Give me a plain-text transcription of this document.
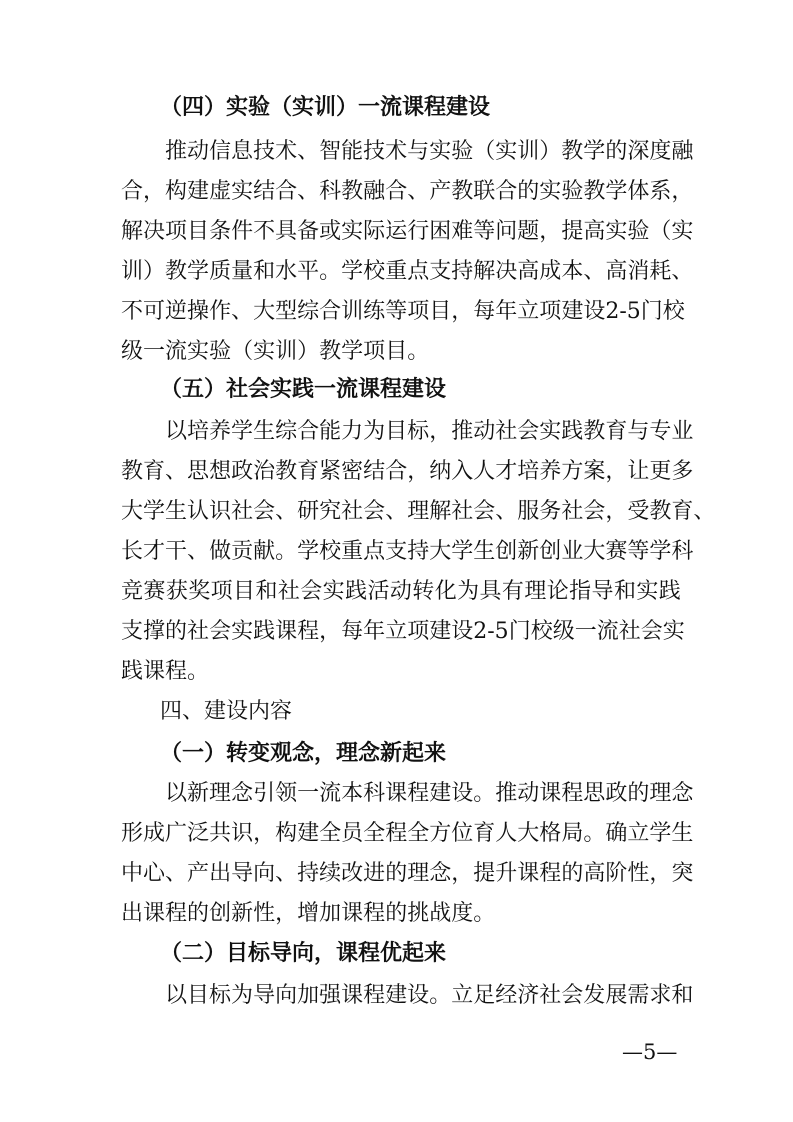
（四）实验（实训）一流课程建设
推 动 信 息 技 术 、 智 能 技 术 与 实 验 （ 实 训 ） 教 学 的 深 度 融
合 ， 构 建 虚 实 结 合 、 科 教 融 合 、 产 教 联 合 的 实 验 教 学 体 系 ，
解 决 项 目 条 件 不 具 备 或 实 际 运 行 困 难 等 问 题 ， 提 高 实 验 （ 实
训 ） 教 学 质 量 和 水 平 。 学 校 重 点 支 持 解 决 高 成 本 、 高 消 耗 、
不 可 逆 操 作 、 大 型 综 合 训 练 等 项 目 ， 每 年 立 项 建 设 2-5 门 校
级 一 流 实 验 （ 实 训 ） 教 学 项 目 。
（五）社会实践一流课程建设
以 培 养 学 生 综 合 能 力 为 目 标 ， 推 动 社 会 实 践 教 育 与 专 业
教 育 、 思 想 政 治 教 育 紧 密 结 合 ， 纳 入 人 才 培 养 方 案 ， 让 更 多
大 学 生 认 识 社 会 、 研 究 社 会 、 理 解 社 会 、 服 务 社 会 ， 受 教 育 、
长 才 干 、 做 贡 献 。 学 校 重 点 支 持 大 学 生 创 新 创 业 大 赛 等 学 科
竞 赛 获 奖 项 目 和 社 会 实 践 活 动 转 化 为 具 有 理 论 指 导 和 实 践
支 撑 的 社 会 实 践 课 程 ， 每 年 立 项 建 设 2-5 门 校 级 一 流 社 会 实
践 课 程 。
四、建设内容
（一）转变观念，理念新起来
以 新 理 念 引 领 一 流 本 科 课 程 建 设 。 推 动 课 程 思 政 的 理 念
形 成 广 泛 共 识 ， 构 建 全 员 全 程 全 方 位 育 人 大 格 局 。 确 立 学 生
中 心 、 产 出 导 向 、 持 续 改 进 的 理 念 ， 提 升 课 程 的 高 阶 性 ， 突
出 课 程 的 创 新 性 ， 增 加 课 程 的 挑 战 度 。
（二）目标导向，课程优起来
以 目 标 为 导 向 加 强 课 程 建 设 。 立 足 经 济 社 会 发 展 需 求 和
—5—
